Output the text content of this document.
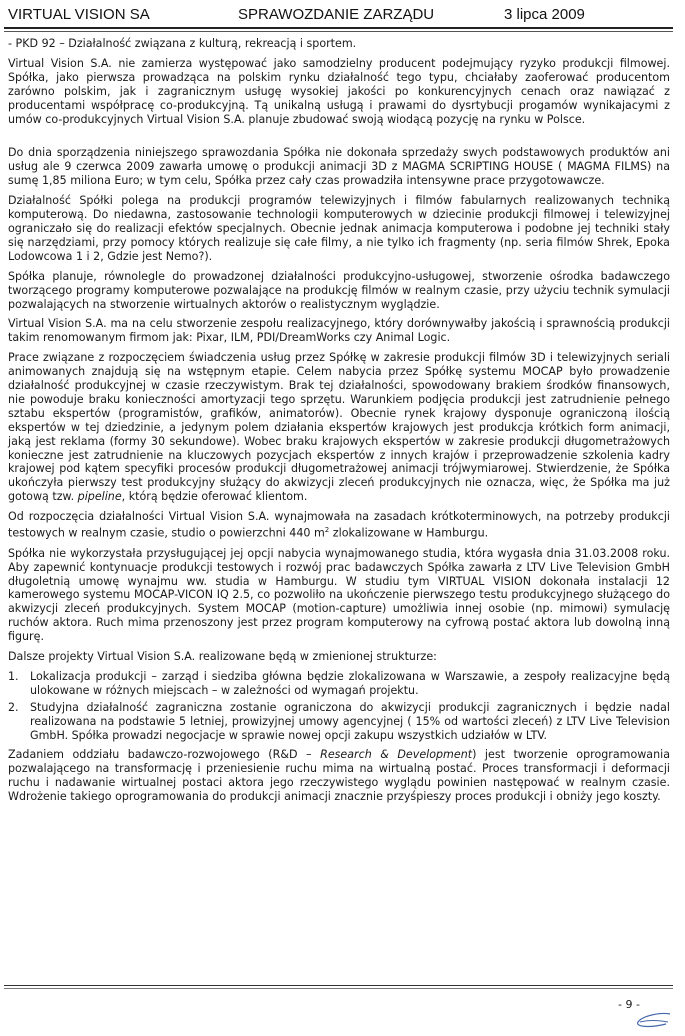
VIRTUAL VISION SA	SPRAWOZDANIE ZARZĄDU	3 lipca 2009

- PKD 92 – Działalność związana z kulturą, rekreacją i sportem.

Virtual Vision S.A. nie zamierza występować jako samodzielny producent podejmujący ryzyko produkcji filmowej. Spółka, jako pierwsza prowadząca na polskim rynku działalność tego typu, chciałaby zaoferować producentom zarówno polskim, jak i zagranicznym usługę wysokiej jakości po konkurencyjnych cenach oraz nawiązać z producentami współpracę co-produkcyjną. Tą unikalną usługą i prawami do dysrtybucji progamów wynikajacymi z umów co-produkcyjnych Virtual Vision S.A. planuje zbudować swoją wiodącą pozycję na rynku w Polsce.

Do dnia sporządzenia niniejszego sprawozdania Spółka nie dokonała sprzedaży swych podstawowych produktów ani usług ale 9 czerwca 2009 zawarła umowę o produkcji animacji 3D z MAGMA SCRIPTING HOUSE ( MAGMA FILMS) na sumę 1,85 miliona Euro; w tym celu, Spółka przez cały czas prowadziła intensywne prace przygotowawcze.

Działalność Spółki polega na produkcji programów telewizyjnych i filmów fabularnych realizowanych techniką komputerową. Do niedawna, zastosowanie technologii komputerowych w dziecinie produkcji filmowej i telewizyjnej ograniczało się do realizacji efektów specjalnych. Obecnie jednak animacja komputerowa i podobne jej techniki stały się narzędziami, przy pomocy których realizuje się całe filmy, a nie tylko ich fragmenty (np. seria filmów Shrek, Epoka Lodowcowa 1 i 2, Gdzie jest Nemo?).

Spółka planuje, równolegle do prowadzonej działalności produkcyjno-usługowej, stworzenie ośrodka badawczego tworzącego programy komputerowe pozwalające na produkcję filmów w realnym czasie, przy użyciu technik symulacji pozwalających na stworzenie wirtualnych aktorów o realistycznym wyglądzie.

Virtual Vision S.A. ma na celu stworzenie zespołu realizacyjnego, który dorównywałby jakością i sprawnością produkcji takim renomowanym firmom jak: Pixar, ILM, PDI/DreamWorks czy Animal Logic.

Prace związane z rozpoczęciem świadczenia usług przez Spółkę w zakresie produkcji filmów 3D i telewizyjnych seriali animowanych znajdują się na wstępnym etapie. Celem nabycia przez Spółkę systemu MOCAP było prowadzenie działalność produkcyjnej w czasie rzeczywistym. Brak tej działalności, spowodowany brakiem środków finansowych, nie powoduje braku konieczności amortyzacji tego sprzętu. Warunkiem podjęcia produkcji jest zatrudnienie pełnego sztabu ekspertów (programistów, grafików, animatorów). Obecnie rynek krajowy dysponuje ograniczoną ilością ekspertów w tej dziedzinie, a jedynym polem działania ekspertów krajowych jest produkcja krótkich form animacji, jaką jest reklama (formy 30 sekundowe). Wobec braku krajowych ekspertów w zakresie produkcji długometrażowych konieczne jest zatrudnienie na kluczowych pozycjach ekspertów z innych krajów i przeprowadzenie szkolenia kadry krajowej pod kątem specyfiki procesów produkcji długometrażowej animacji trójwymiarowej. Stwierdzenie, że Spółka ukończyła pierwszy test produkcyjny służący do akwizycji zleceń produkcyjnych nie oznacza, więc, że Spółka ma już gotową tzw. pipeline, którą będzie oferować klientom.

Od rozpoczęcia działalności Virtual Vision S.A. wynajmowała na zasadach krótkoterminowych, na potrzeby produkcji testowych w realnym czasie, studio o powierzchni 440 $m^2$ zlokalizowane w Hamburgu.

Spółka nie wykorzystała przysługującej jej opcji nabycia wynajmowanego studia, która wygasła dnia 31.03.2008 roku. Aby zapewnić kontynuacje produkcji testowych i rozwój prac badawczych Spółka zawarła z LTV Live Television GmbH długoletnią umowę wynajmu ww. studia w Hamburgu. W studiu tym VIRTUAL VISION dokonała instalacji 12 kamerowego systemu MOCAP-VICON IQ 2.5, co pozwoliło na ukończenie pierwszego testu produkcyjnego służącego do akwizycji zleceń produkcyjnych. System MOCAP (motion-capture) umożliwia innej osobie (np. mimowi) symulację ruchów aktora. Ruch mima przenoszony jest przez program komputerowy na cyfrową postać aktora lub dowolną inną figurę.

Dalsze projekty Virtual Vision S.A. realizowane będą w zmienionej strukturze:

1. Lokalizacja produkcji – zarząd i siedziba główna będzie zlokalizowana w Warszawie, a zespoły realizacyjne będą ulokowane w różnych miejscach – w zależności od wymagań projektu.
2. Studyjna działalność zagraniczna zostanie ograniczona do akwizycji produkcji zagranicznych i będzie nadal realizowana na podstawie 5 letniej, prowizyjnej umowy agencyjnej ( 15% od wartości zleceń) z LTV Live Television GmbH. Spółka prowadzi negocjacje w sprawie nowej opcji zakupu wszystkich udziałów w LTV.

Zadaniem oddziału badawczo-rozwojowego (R&D – Research & Development) jest tworzenie oprogramowania pozwalającego na transformację i przeniesienie ruchu mima na wirtualną postać. Proces transformacji i deformacji ruchu i nadawanie wirtualnej postaci aktora jego rzeczywistego wyglądu powinien następować w realnym czasie. Wdrożenie takiego oprogramowania do produkcji animacji znacznie przyśpieszy proces produkcji i obniży jego koszty.

- 9 -
